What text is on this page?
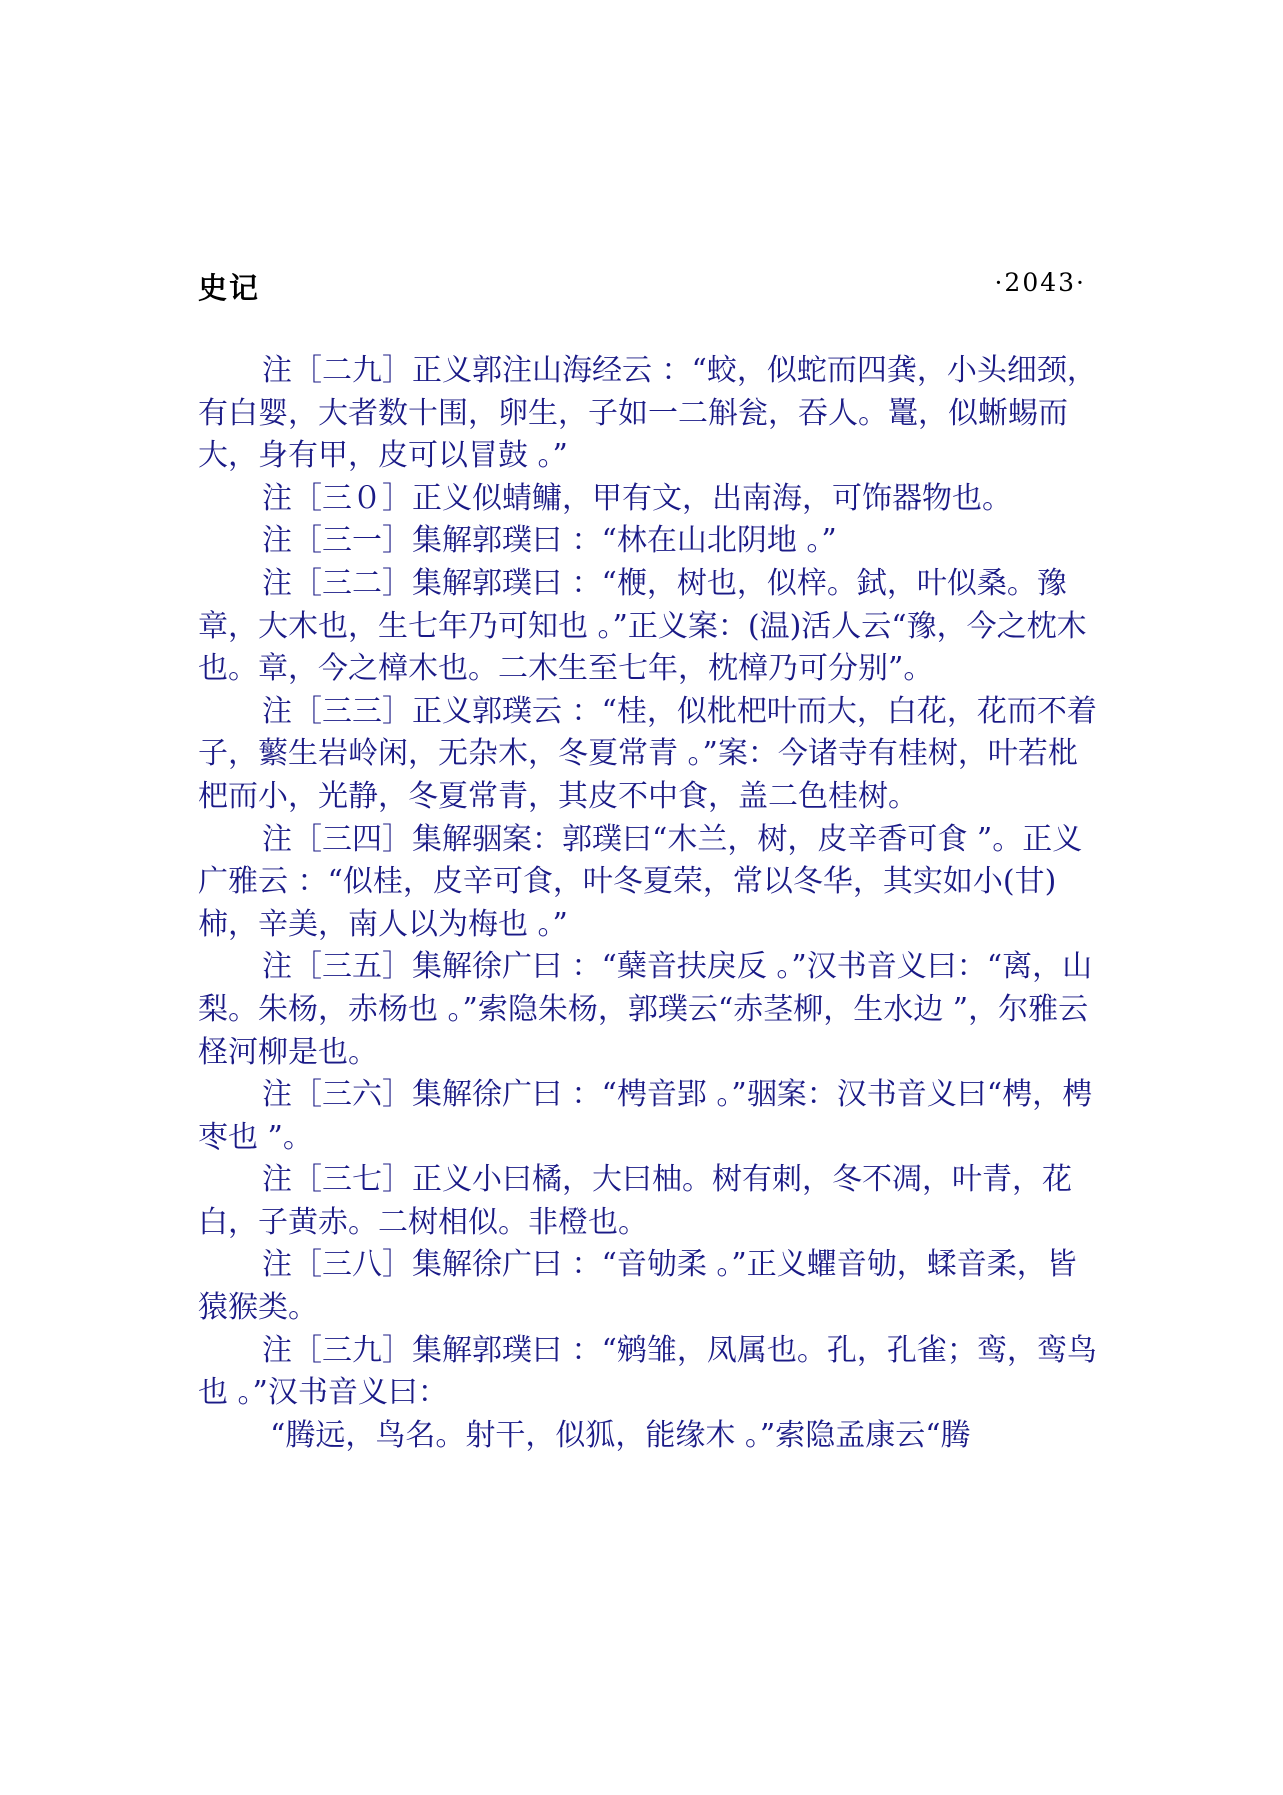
史记	·2043·

注［二九］正义郭注山海经云 ：“蛟，似蛇而四龚，小头细颈，有白婴，大者数十围，卵生，子如一二斛瓮，吞人。鼍，似蜥蜴而大，身有甲，皮可以冒鼓 。”

注［三０］正义似蜻鳙，甲有文，出南海，可饰器物也。

注［三一］集解郭璞曰 ：“林在山北阴地 。”

注［三二］集解郭璞曰 ：“楩，树也，似梓。鉽，叶似桑。豫章，大木也，生七年乃可知也 。”正义案：(温)活人云“豫，今之枕木也。章，今之樟木也。二木生至七年，枕樟乃可分别”。

注［三三］正义郭璞云 ：“桂，似枇杷叶而大，白花，花而不着子，蘩生岩岭闲，无杂木，冬夏常青 。”案：今诸寺有桂树，叶若枇杷而小，光静，冬夏常青，其皮不中食，盖二色桂树。

注［三四］集解骃案：郭璞曰“木兰，树，皮辛香可食 ”。正义广雅云 ：“似桂，皮辛可食，叶冬夏荣，常以冬华，其实如小(甘)柿，辛美，南人以为梅也 。”

注［三五］集解徐广曰 ：“蘖音扶戾反 。”汉书音义曰：“离，山梨。朱杨，赤杨也 。”索隐朱杨，郭璞云“赤茎柳，生水边 ”，尔雅云柽河柳是也。

注［三六］集解徐广曰 ：“梬音郢 。”骃案：汉书音义曰“梬，梬枣也 ”。

注［三七］正义小曰橘，大曰柚。树有刺，冬不凋，叶青，花白，子黄赤。二树相似。非橙也。

注［三八］集解徐广曰 ：“音劬柔 。”正义蠷音劬，蝚音柔，皆猿猴类。

注［三九］集解郭璞曰 ：“鹓雏，凤属也。孔，孔雀；鸾，鸾鸟也 。”汉书音义曰：

“腾远，鸟名。射干，似狐，能缘木 。”索隐孟康云“腾
